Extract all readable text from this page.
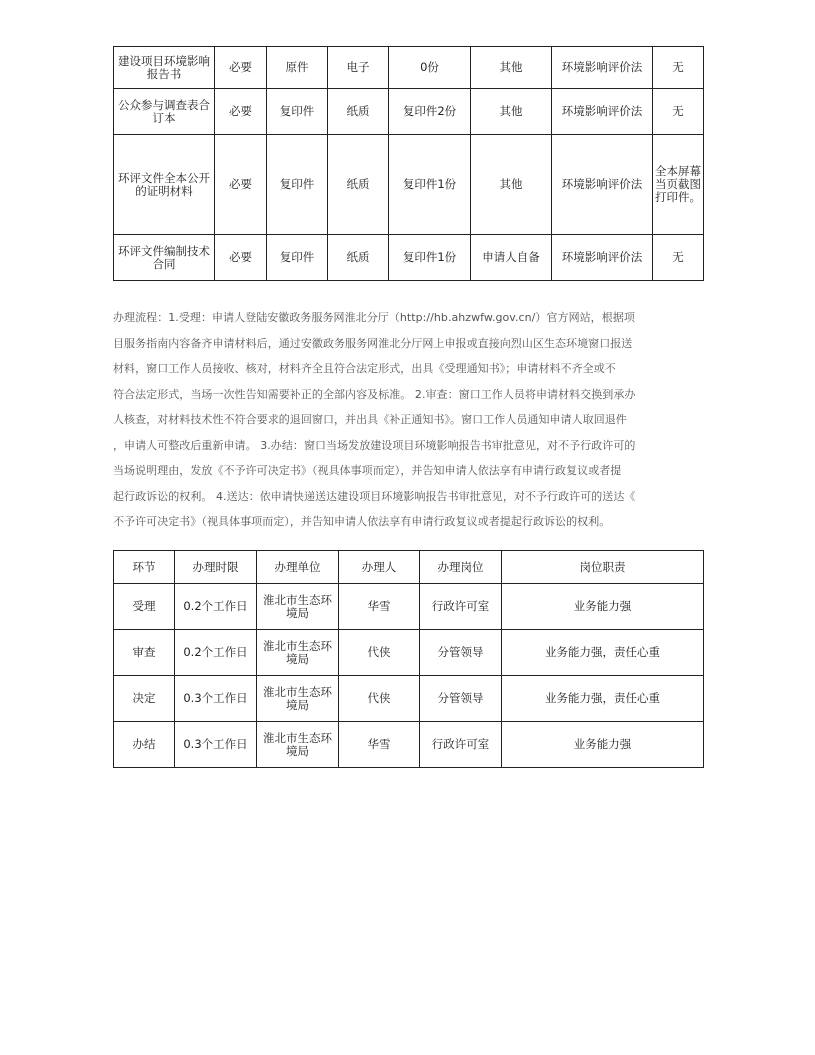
建设项目环境影响报告书	必要	原件	电子	0份	其他	环境影响评价法	无
公众参与调查表合订本	必要	复印件	纸质	复印件2份	其他	环境影响评价法	无
环评文件全本公开的证明材料	必要	复印件	纸质	复印件1份	其他	环境影响评价法	全本屏幕当页截图打印件。
环评文件编制技术合同	必要	复印件	纸质	复印件1份	申请人自备	环境影响评价法	无
办理流程：1.受理：申请人登陆安徽政务服务网淮北分厅（http://hb.ahzwfw.gov.cn/）官方网站，根据项
目服务指南内容备齐申请材料后，通过安徽政务服务网淮北分厅网上申报或直接向烈山区生态环境窗口报送
材料，窗口工作人员接收、核对，材料齐全且符合法定形式，出具《受理通知书》；申请材料不齐全或不
符合法定形式，当场一次性告知需要补正的全部内容及标准。 2.审查：窗口工作人员将申请材料交换到承办
人核查，对材料技术性不符合要求的退回窗口，并出具《补正通知书》。窗口工作人员通知申请人取回退件
，申请人可整改后重新申请。 3.办结：窗口当场发放建设项目环境影响报告书审批意见，对不予行政许可的
当场说明理由，发放《不予许可决定书》（视具体事项而定），并告知申请人依法享有申请行政复议或者提
起行政诉讼的权利。 4.送达：依申请快递送达建设项目环境影响报告书审批意见，对不予行政许可的送达《
不予许可决定书》（视具体事项而定），并告知申请人依法享有申请行政复议或者提起行政诉讼的权利。
环节	办理时限	办理单位	办理人	办理岗位	岗位职责
受理	0.2个工作日	淮北市生态环境局	华雪	行政许可室	业务能力强
审查	0.2个工作日	淮北市生态环境局	代侠	分管领导	业务能力强，责任心重
决定	0.3个工作日	淮北市生态环境局	代侠	分管领导	业务能力强，责任心重
办结	0.3个工作日	淮北市生态环境局	华雪	行政许可室	业务能力强
